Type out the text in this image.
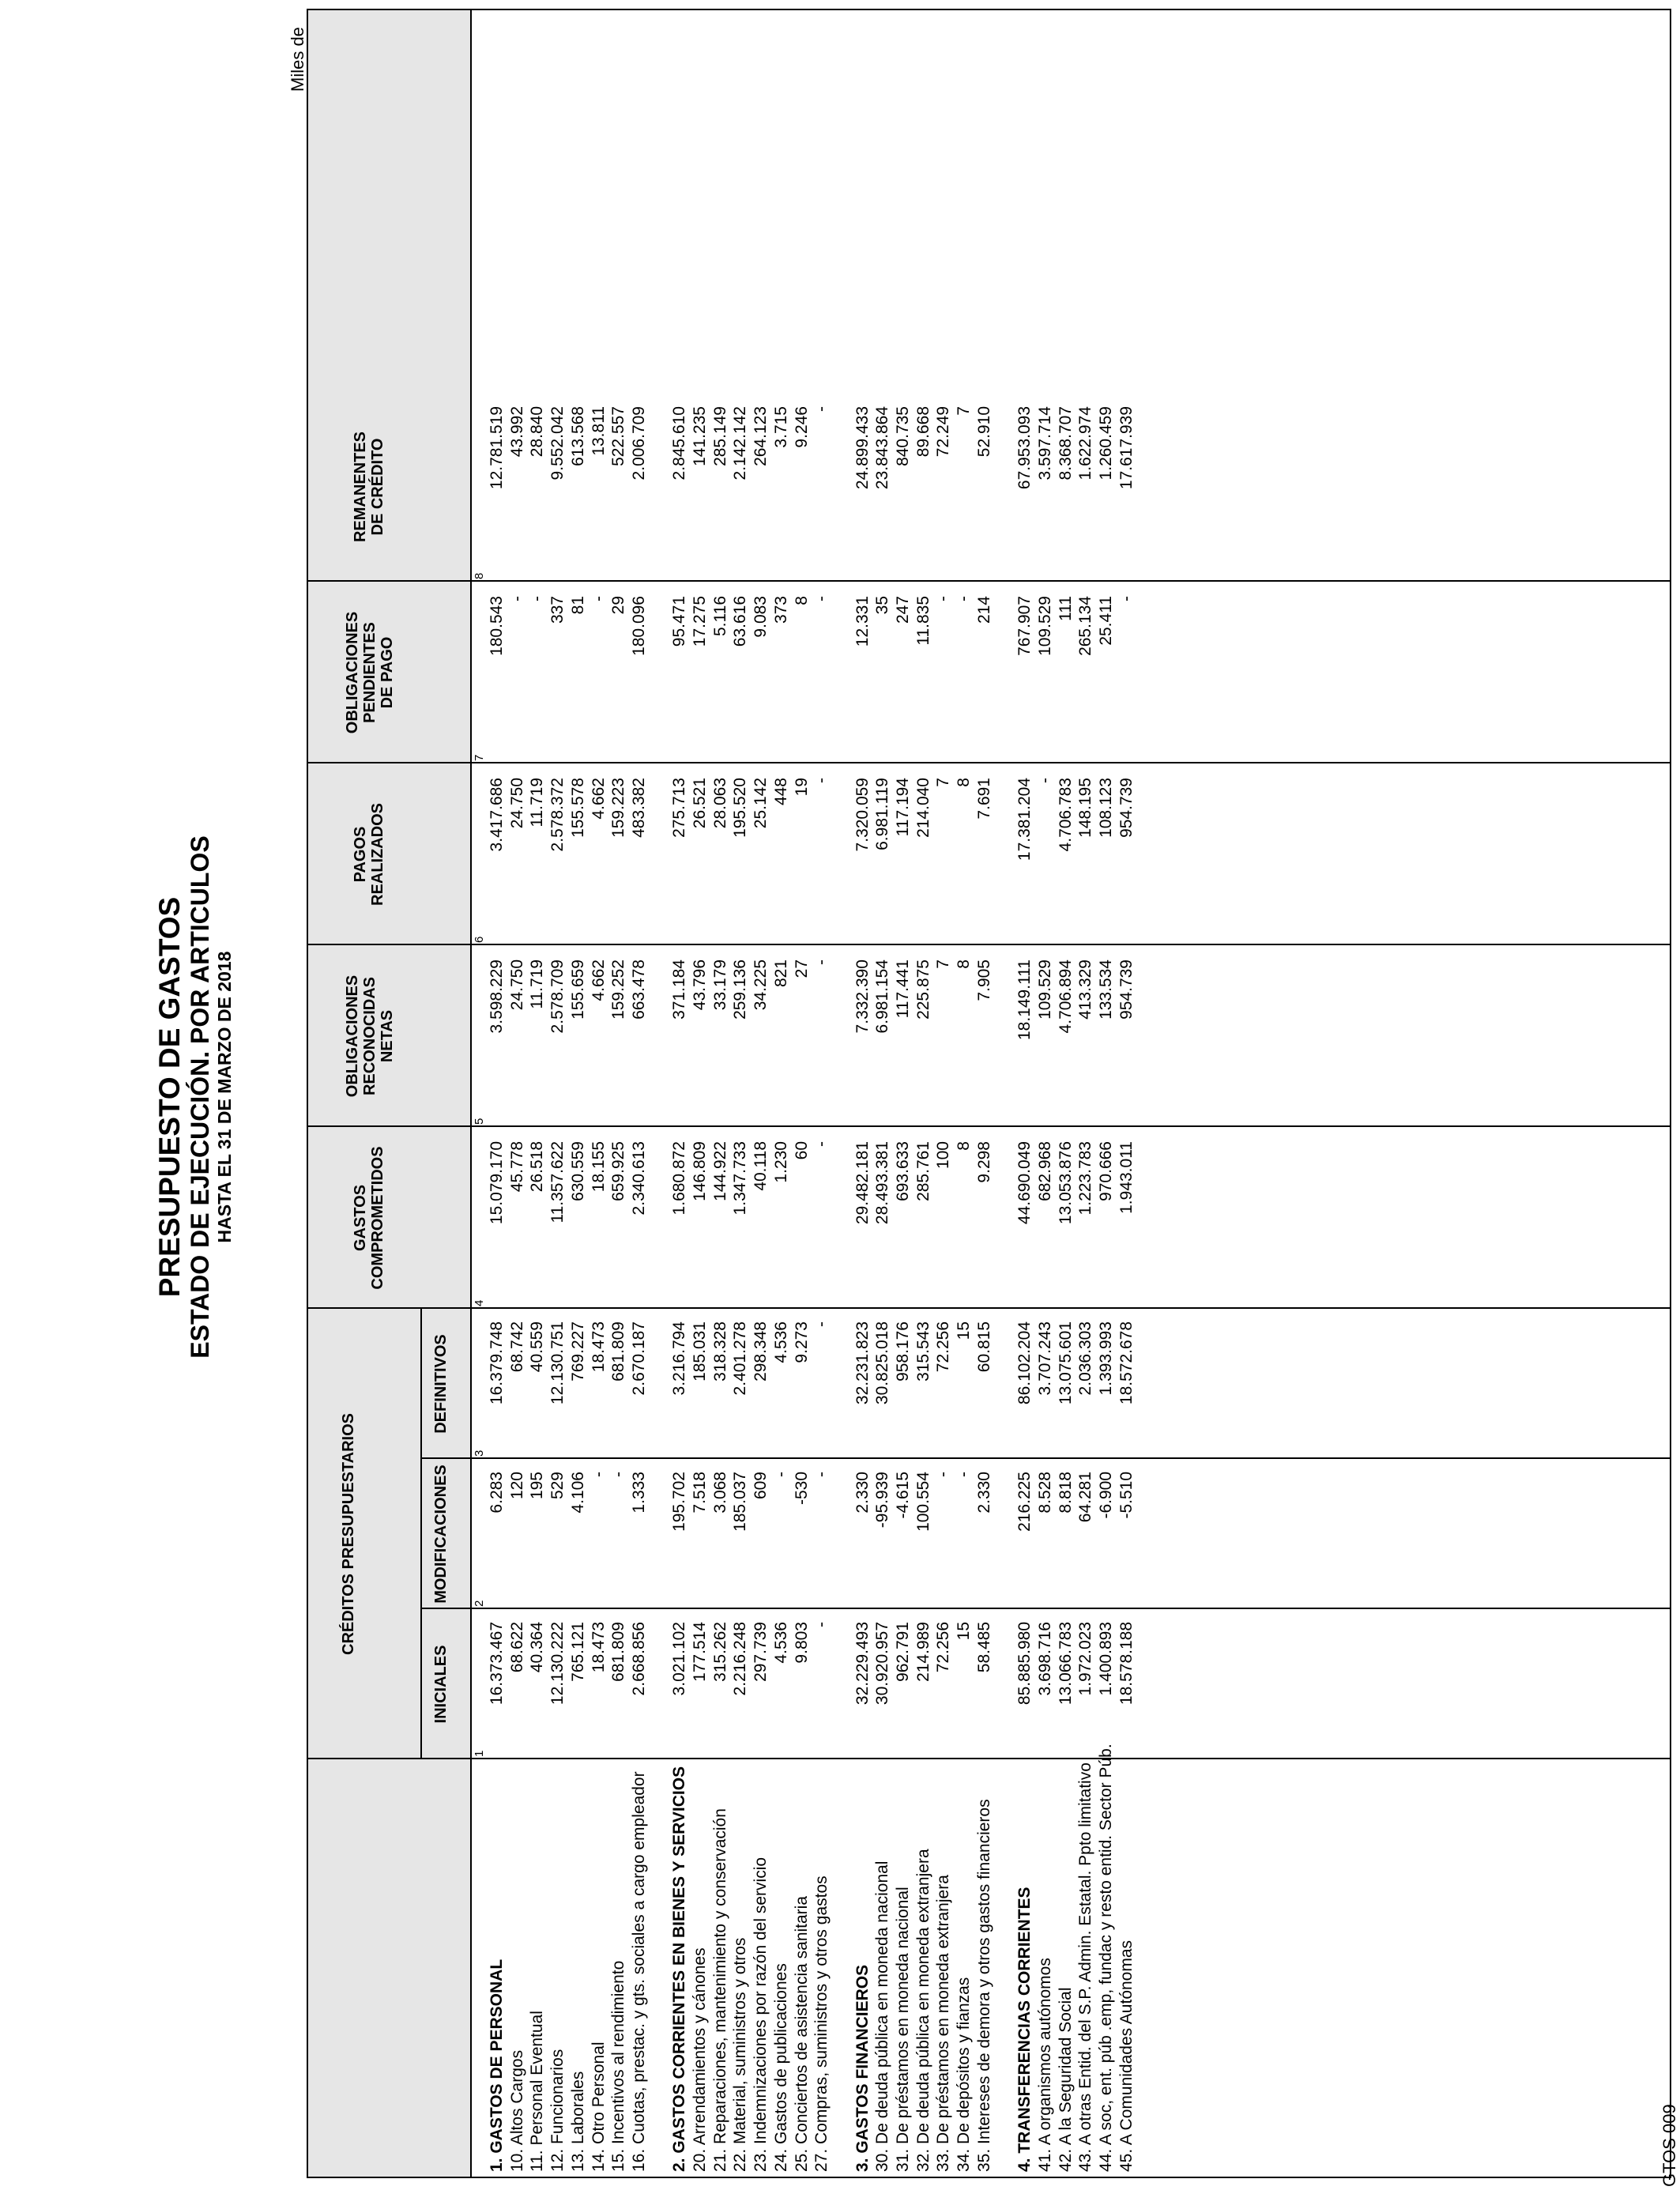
PRESUPUESTO DE GASTOS ESTADO DE EJECUCIÓN. POR ARTICULOS HASTA EL 31 DE MARZO DE 2018
Miles de
CRÉDITOS PRESUPUESTARIOS
INICIALES
MODIFICACIONES
DEFINITIVOS
GASTOS COMPROMETIDOS
OBLIGACIONES RECONOCIDAS NETAS
PAGOS REALIZADOS
OBLIGACIONES PENDIENTES DE PAGO
REMANENTES DE CRÉDITO
1
2
3
4
5
6
7
8
1. GASTOS DE PERSONAL
16.373.467
6.283
16.379.748
15.079.170
3.598.229
3.417.686
180.543
12.781.519
10. Altos Cargos
68.622
120
68.742
45.778
24.750
24.750
-
43.992
11. Personal Eventual
40.364
195
40.559
26.518
11.719
11.719
-
28.840
12. Funcionarios
12.130.222
529
12.130.751
11.357.622
2.578.709
2.578.372
337
9.552.042
13. Laborales
765.121
4.106
769.227
630.559
155.659
155.578
81
613.568
14. Otro Personal
18.473
-
18.473
18.155
4.662
4.662
-
13.811
15. Incentivos al rendimiento
681.809
-
681.809
659.925
159.252
159.223
29
522.557
16. Cuotas, prestac. y gts. sociales a cargo empleador
2.668.856
1.333
2.670.187
2.340.613
663.478
483.382
180.096
2.006.709
2. GASTOS CORRIENTES EN BIENES Y SERVICIOS
3.021.102
195.702
3.216.794
1.680.872
371.184
275.713
95.471
2.845.610
20. Arrendamientos y cánones
177.514
7.518
185.031
146.809
43.796
26.521
17.275
141.235
21. Reparaciones, mantenimiento y conservación
315.262
3.068
318.328
144.922
33.179
28.063
5.116
285.149
22. Material, suministros y otros
2.216.248
185.037
2.401.278
1.347.733
259.136
195.520
63.616
2.142.142
23. Indemnizaciones por razón del servicio
297.739
609
298.348
40.118
34.225
25.142
9.083
264.123
24. Gastos de publicaciones
4.536
-
4.536
1.230
821
448
373
3.715
25. Conciertos de asistencia sanitaria
9.803
-530
9.273
60
27
19
8
9.246
27. Compras, suministros y otros gastos
-
-
-
-
-
-
-
-
3. GASTOS FINANCIEROS
32.229.493
2.330
32.231.823
29.482.181
7.332.390
7.320.059
12.331
24.899.433
30. De deuda pública en moneda nacional
30.920.957
-95.939
30.825.018
28.493.381
6.981.154
6.981.119
35
23.843.864
31. De préstamos en moneda nacional
962.791
-4.615
958.176
693.633
117.441
117.194
247
840.735
32. De deuda pública en moneda extranjera
214.989
100.554
315.543
285.761
225.875
214.040
11.835
89.668
33. De préstamos en moneda extranjera
72.256
-
72.256
100
7
7
-
72.249
34. De depósitos y fianzas
15
-
15
8
8
8
-
7
35. Intereses de demora y otros gastos financieros
58.485
2.330
60.815
9.298
7.905
7.691
214
52.910
4. TRANSFERENCIAS CORRIENTES
85.885.980
216.225
86.102.204
44.690.049
18.149.111
17.381.204
767.907
67.953.093
41. A organismos autónomos
3.698.716
8.528
3.707.243
682.968
109.529
-
109.529
3.597.714
42. A la Seguridad Social
13.066.783
8.818
13.075.601
13.053.876
4.706.894
4.706.783
111
8.368.707
43. A otras Entid. del S.P. Admin. Estatal. Ppto limitativo
1.972.023
64.281
2.036.303
1.223.783
413.329
148.195
265.134
1.622.974
44. A soc, ent. púb .emp, fundac y resto entid. Sector Púb.
1.400.893
-6.900
1.393.993
970.666
133.534
108.123
25.411
1.260.459
45. A Comunidades Autónomas
18.578.188
-5.510
18.572.678
1.943.011
954.739
954.739
-
17.617.939
GTOS 009
